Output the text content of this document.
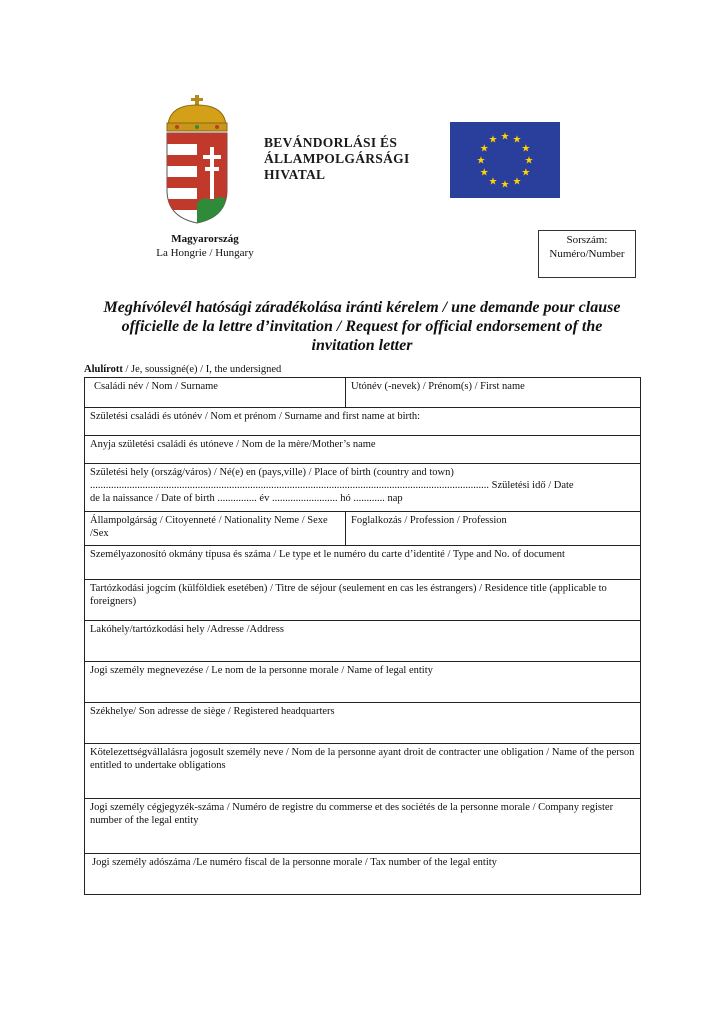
BEVÁNDORLÁSI ÉS
ÁLLAMPOLGÁRSÁGI
HIVATAL
★ ★
★
★
★
★
★
★
★
★
★
★
Magyarország
La Hongrie / Hungary
Sorszám:
Numéro/Number
Meghívólevél hatósági záradékolása iránti kérelem / une demande pour clause
officielle de la lettre d’invitation / Request for official endorsement of the
invitation letter
Alulírott / Je, soussigné(e) / I, the undersigned
Családi név / Nom / Surname	Utónév (-nevek) / Prénom(s) / First name
Születési családi és utónév / Nom et prénom / Surname and first name at birth:	
Anyja születési családi és utóneve / Nom de la mère/Mother’s name	

Születési hely (ország/város) / Né(e) en (pays,ville) / Place of birth (country and town)
........................................................................................................................................................ Születési idő / Date
de la naissance / Date of birth ............... év ......................... hó ............ nap	

Állampolgárság / Citoyenneté / Nationality Neme / Sexe /Sex	Foglalkozás / Profession / Profession
Személyazonosító okmány típusa és száma / Le type et le numéro du carte d’identité / Type and No. of document	
Tartózkodási jogcím (külföldiek esetében) / Titre de séjour (seulement en cas les éstrangers) / Residence title (applicable to foreigners)	
Lakóhely/tartózkodási hely /Adresse /Address	
Jogi személy megnevezése / Le nom de la personne morale / Name of legal entity	
Székhelye/ Son adresse de siège / Registered headquarters	
Kötelezettségvállalásra jogosult személy neve / Nom de la personne ayant droit de contracter une obligation / Name of the person entitled to undertake obligations	
Jogi személy cégjegyzék-száma / Numéro de registre du commerse et des sociétés de la personne morale / Company register number of the legal entity	
Jogi személy adószáma /Le numéro fiscal de la personne morale / Tax number of the legal entity	
